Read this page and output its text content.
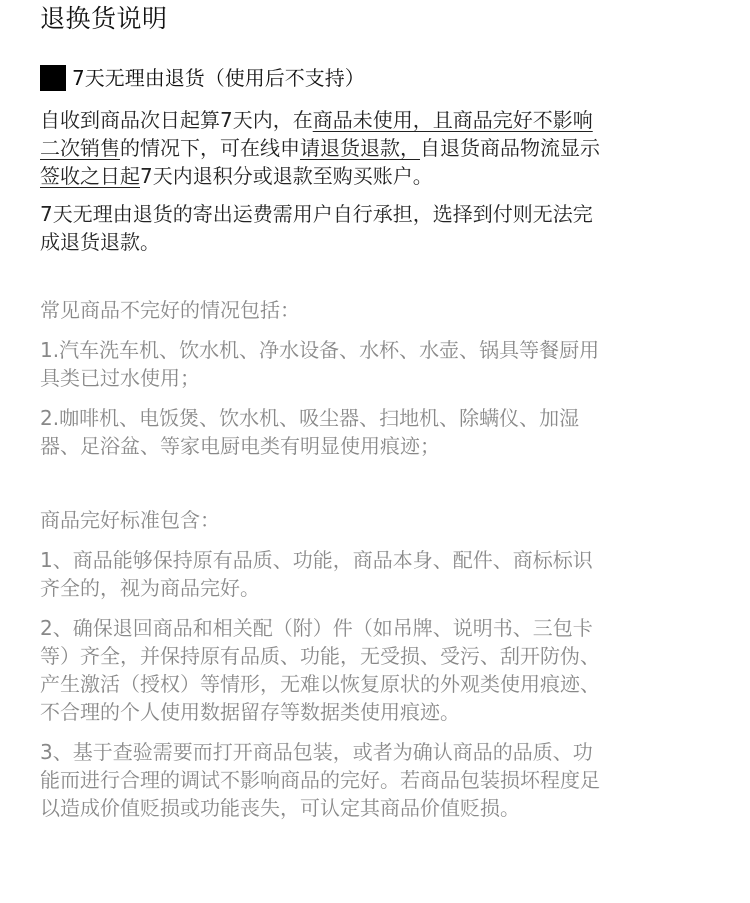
退换货说明
7天无理由退货（使用后不支持）

自收到商品次日起算7天内，在商品未使用，且商品完好不影响
二次销售的情况下，可在线申请退货退款，自退货商品物流显示
签收之日起7天内退积分或退款至购买账户。

7天无理由退货的寄出运费需用户自行承担，选择到付则无法完
成退货退款。

常见商品不完好的情况包括：

1.汽车洗车机、饮水机、净水设备、水杯、水壶、锅具等餐厨用
具类已过水使用；

2.咖啡机、电饭煲、饮水机、吸尘器、扫地机、除螨仪、加湿
器、足浴盆、等家电厨电类有明显使用痕迹；

商品完好标准包含：

1、商品能够保持原有品质、功能，商品本身、配件、商标标识
齐全的，视为商品完好。

2、确保退回商品和相关配（附）件（如吊牌、说明书、三包卡
等）齐全，并保持原有品质、功能，无受损、受污、刮开防伪、
产生激活（授权）等情形，无难以恢复原状的外观类使用痕迹、
不合理的个人使用数据留存等数据类使用痕迹。

3、基于查验需要而打开商品包装，或者为确认商品的品质、功
能而进行合理的调试不影响商品的完好。若商品包装损坏程度足
以造成价值贬损或功能丧失，可认定其商品价值贬损。
